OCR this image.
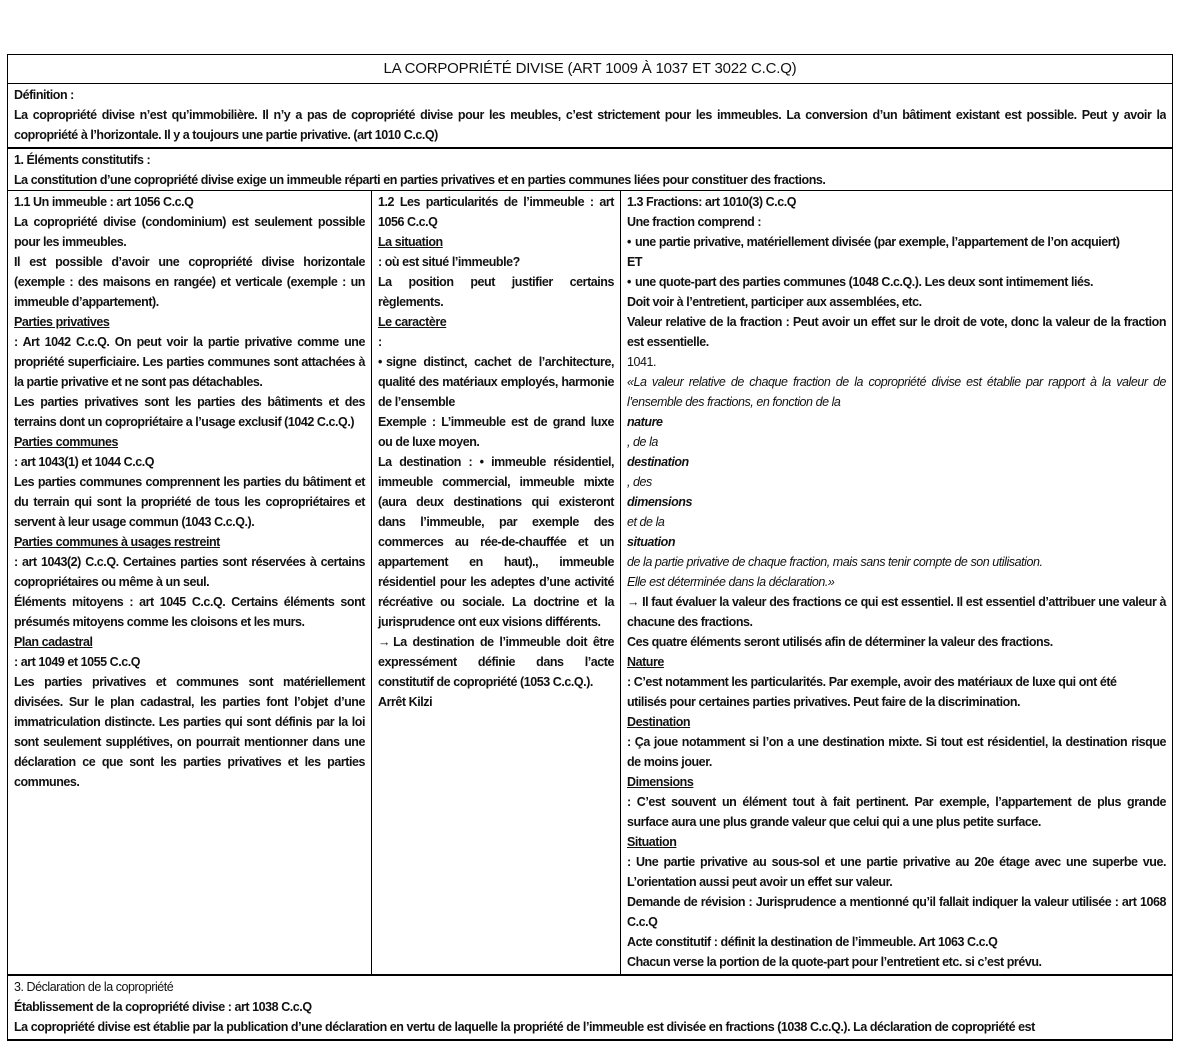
LA CORPOPRIÉTÉ DIVISE (ART 1009 À 1037 ET 3022 C.C.Q)

Définition :

La copropriété divise n’est qu’immobilière. Il n’y a pas de copropriété divise pour les meubles, c’est strictement pour les immeubles. La conversion d’un bâtiment existant est possible. Peut y avoir la copropriété à l’horizontale. Il y a toujours une partie privative. (art 1010 C.c.Q)

1. Éléments constitutifs :

La constitution d’une copropriété divise exige un immeuble réparti en parties privatives et en parties communes liées pour constituer des fractions.

1.1 Un immeuble : art 1056 C.c.Q

La copropriété divise (condominium) est seulement possible pour les immeubles.

Il est possible d’avoir une copropriété divise horizontale (exemple : des maisons en rangée) et verticale (exemple : un immeuble d’appartement).

Parties privatives
: Art 1042 C.c.Q. On peut voir la partie privative comme une propriété superficiaire. Les parties communes sont attachées à la partie privative et ne sont pas détachables.

Les parties privatives sont les parties des bâtiments et des terrains dont un copropriétaire a l’usage exclusif (1042 C.c.Q.)

Parties communes
: art 1043(1) et 1044 C.c.Q

Les parties communes comprennent les parties du bâtiment et du terrain qui sont la propriété de tous les copropriétaires et servent à leur usage commun (1043 C.c.Q.).

Parties communes à usages restreint
: art 1043(2) C.c.Q. Certaines parties sont réservées à certains copropriétaires ou même à un seul.

Éléments mitoyens : art 1045 C.c.Q. Certains éléments sont présumés mitoyens comme les cloisons et les murs.

Plan cadastral
: art 1049 et 1055 C.c.Q

Les parties privatives et communes sont matériellement divisées. Sur le plan cadastral, les parties font l’objet d’une immatriculation distincte. Les parties qui sont définis par la loi sont seulement supplétives, on pourrait mentionner dans une déclaration ce que sont les parties privatives et les parties communes.

1.2 Les particularités de l’immeuble : art 1056 C.c.Q

La situation
: où est situé l’immeuble?

La position peut justifier certains règlements.

Le caractère
:

• signe distinct, cachet de l’architecture, qualité des matériaux employés, harmonie de l’ensemble

Exemple : L’immeuble est de grand luxe ou de luxe moyen.

La destination : • immeuble résidentiel, immeuble commercial, immeuble mixte (aura deux destinations qui existeront dans l’immeuble, par exemple des commerces au rée-de-chauffée et un appartement en haut)., immeuble résidentiel pour les adeptes d’une activité récréative ou sociale. La doctrine et la jurisprudence ont eux visions différents.

→ La destination de l’immeuble doit être expressément définie dans l’acte constitutif de copropriété (1053 C.c.Q.).

Arrêt Kilzi

1.3 Fractions: art 1010(3) C.c.Q

Une fraction comprend :

• une partie privative, matériellement divisée (par exemple, l’appartement de l’on acquiert)

ET

• une quote-part des parties communes (1048 C.c.Q.). Les deux sont intimement liés.

Doit voir à l’entretient, participer aux assemblées, etc.

Valeur relative de la fraction : Peut avoir un effet sur le droit de vote, donc la valeur de la fraction est essentielle.

1041.
«La valeur relative de chaque fraction de la copropriété divise est établie par rapport à la valeur de l’ensemble des fractions, en fonction de la
nature
, de la
destination
, des
dimensions
et de la
situation
de la partie privative de chaque fraction, mais sans tenir compte de son utilisation.

Elle est déterminée dans la déclaration.»

→ Il faut évaluer la valeur des fractions ce qui est essentiel. Il est essentiel d’attribuer une valeur à chacune des fractions.

Ces quatre éléments seront utilisés afin de déterminer la valeur des fractions.

Nature
: C’est notamment les particularités. Par exemple, avoir des matériaux de luxe qui ont été

utilisés pour certaines parties privatives. Peut faire de la discrimination.

Destination
: Ça joue notamment si l’on a une destination mixte. Si tout est résidentiel, la destination risque de moins jouer.

Dimensions
: C’est souvent un élément tout à fait pertinent. Par exemple, l’appartement de plus grande surface aura une plus grande valeur que celui qui a une plus petite surface.

Situation
: Une partie privative au sous-sol et une partie privative au 20e étage avec une superbe vue. L’orientation aussi peut avoir un effet sur valeur.

Demande de révision : Jurisprudence a mentionné qu’il fallait indiquer la valeur utilisée : art 1068 C.c.Q

Acte constitutif : définit la destination de l’immeuble. Art 1063 C.c.Q

Chacun verse la portion de la quote-part pour l’entretient etc. si c’est prévu.

3. Déclaration de la copropriété

Établissement de la copropriété divise : art 1038 C.c.Q

La copropriété divise est établie par la publication d’une déclaration en vertu de laquelle la propriété de l’immeuble est divisée en fractions (1038 C.c.Q.). La déclaration de copropriété est
